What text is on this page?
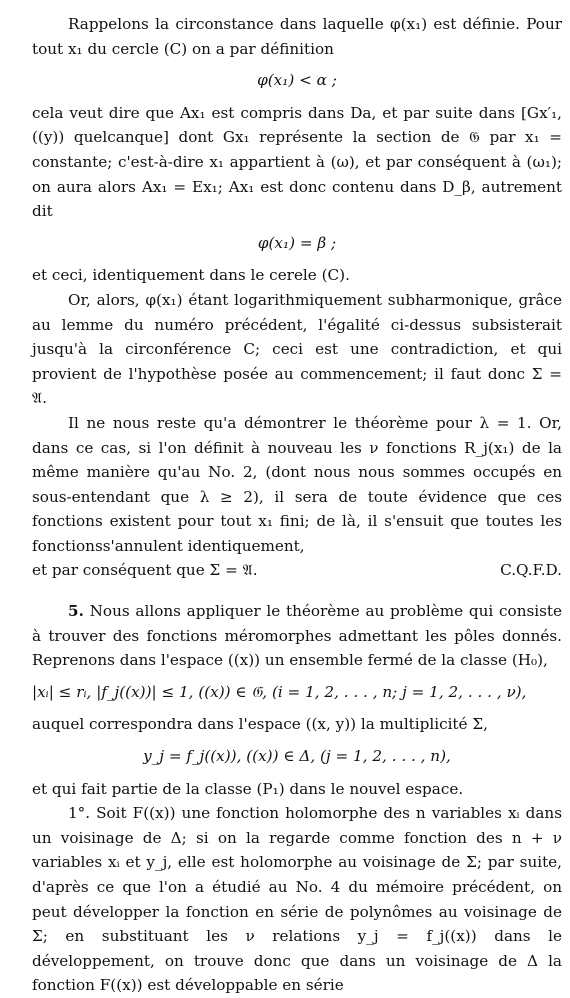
Rappelons la circonstance dans laquelle φ(x₁) est définie. Pour tout x₁ du cercle (C) on a par définition

φ(x₁) < α ;

cela veut dire que Ax₁ est compris dans Da, et par suite dans [Gx′₁, ((y)) quelcanque] dont Gx₁ représente la section de 𝔊 par x₁ = constante; c'est-à-dire x₁ appartient à (ω), et par conséquent à (ω₁); on aura alors Ax₁ = Ex₁; Ax₁ est donc contenu dans D_β, autrement dit

φ(x₁) = β ;

et ceci, identiquement dans le cerele (C).

Or, alors, φ(x₁) étant logarithmiquement subharmonique, grâce au lemme du numéro précédent, l'égalité ci-dessus subsisterait jusqu'à la circonférence C; ceci est une contradiction, et qui provient de l'hypothèse posée au commencement; il faut donc Σ = 𝔄.

Il ne nous reste qu'a démontrer le théorème pour λ = 1. Or, dans ce cas, si l'on définit à nouveau les ν fonctions R_j(x₁) de la même manière qu'au No. 2, (dont nous nous sommes occupés en sous-entendant que λ ≥ 2), il sera de toute évidence que ces fonctions existent pour tout x₁ fini; de là, il s'ensuit que toutes les fonctionss'annulent identiquement,

et par conséquent que Σ = 𝔄.	C.Q.F.D.

5. Nous allons appliquer le théorème au problème qui consiste à trouver des fonctions méromorphes admettant les pôles donnés. Reprenons dans l'espace ((x)) un ensemble fermé de la classe (H₀),

|xᵢ| ≤ rᵢ, |f_j((x))| ≤ 1, ((x)) ∈ 𝔊, (i = 1, 2, . . . , n; j = 1, 2, . . . , ν),

auquel correspondra dans l'espace ((x, y)) la multiplicité Σ,

y_j = f_j((x)), ((x)) ∈ Δ, (j = 1, 2, . . . , n),

et qui fait partie de la classe (P₁) dans le nouvel espace.

1°. Soit F((x)) une fonction holomorphe des n variables xᵢ dans un voisinage de Δ; si on la regarde comme fonction des n + ν variables xᵢ et y_j, elle est holomorphe au voisinage de Σ; par suite, d'après ce que l'on a étudié au No. 4 du mémoire précédent, on peut développer la fonction en série de polynômes au voisinage de Σ; en substituant les ν relations y_j = f_j((x)) dans le développement, on trouve donc que dans un voisinage de Δ la fonction F((x)) est développable en série
